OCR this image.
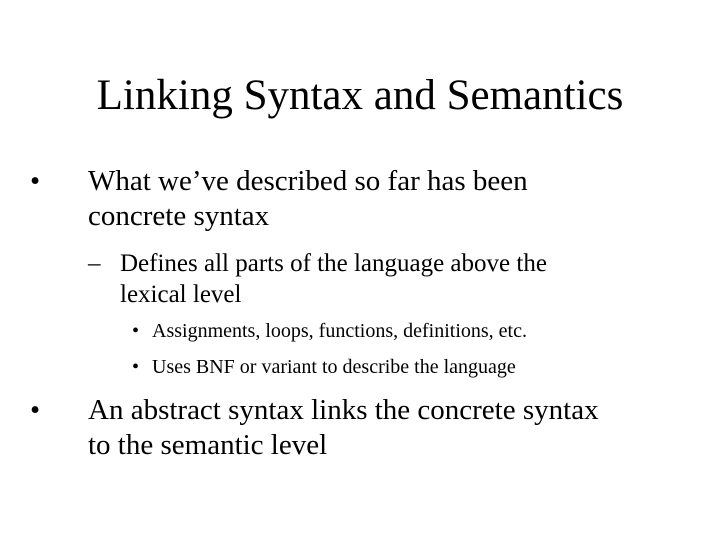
Linking Syntax and Semantics
• What we’ve described so far has been
concrete syntax
– Defines all parts of the language above the
lexical level
• Assignments, loops, functions, definitions, etc.
• Uses BNF or variant to describe the language
• An abstract syntax links the concrete syntax
to the semantic level
